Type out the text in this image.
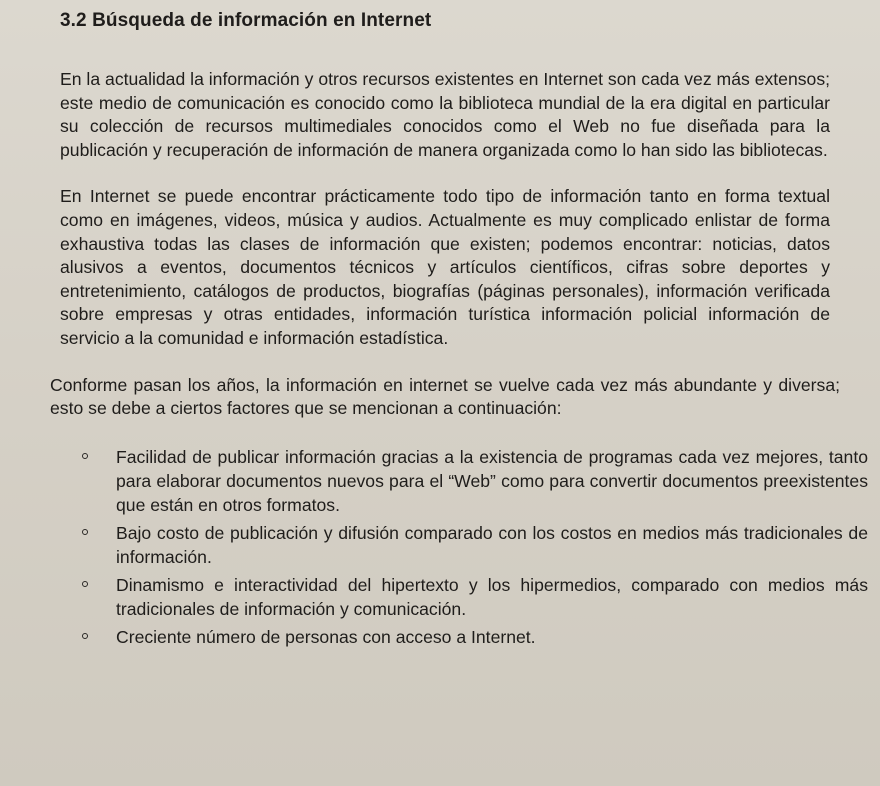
3.2 Búsqueda de información en Internet

En la actualidad la información y otros recursos existentes en Internet son cada vez más extensos; este medio de comunicación es conocido como la biblioteca mundial de la era digital en particular su colección de recursos multimediales conocidos como el Web no fue diseñada para la publicación y recuperación de información de manera organizada como lo han sido las bibliotecas.

En Internet se puede encontrar prácticamente todo tipo de información tanto en forma textual como en imágenes, videos, música y audios. Actualmente es muy complicado enlistar de forma exhaustiva todas las clases de información que existen; podemos encontrar: noticias, datos alusivos a eventos, documentos técnicos y artículos científicos, cifras sobre deportes y entretenimiento, catálogos de productos, biografías (páginas personales), información verificada sobre empresas y otras entidades, información turística información policial información de servicio a la comunidad e información estadística.

Conforme pasan los años, la información en internet se vuelve cada vez más abundante y diversa; esto se debe a ciertos factores que se mencionan a continuación:

Facilidad de publicar información gracias a la existencia de programas cada vez mejores, tanto para elaborar documentos nuevos para el “Web” como para convertir documentos preexistentes que están en otros formatos.
Bajo costo de publicación y difusión comparado con los costos en medios más tradicionales de información.
Dinamismo e interactividad del hipertexto y los hipermedios, comparado con medios más tradicionales de información y comunicación.
Creciente número de personas con acceso a Internet.
